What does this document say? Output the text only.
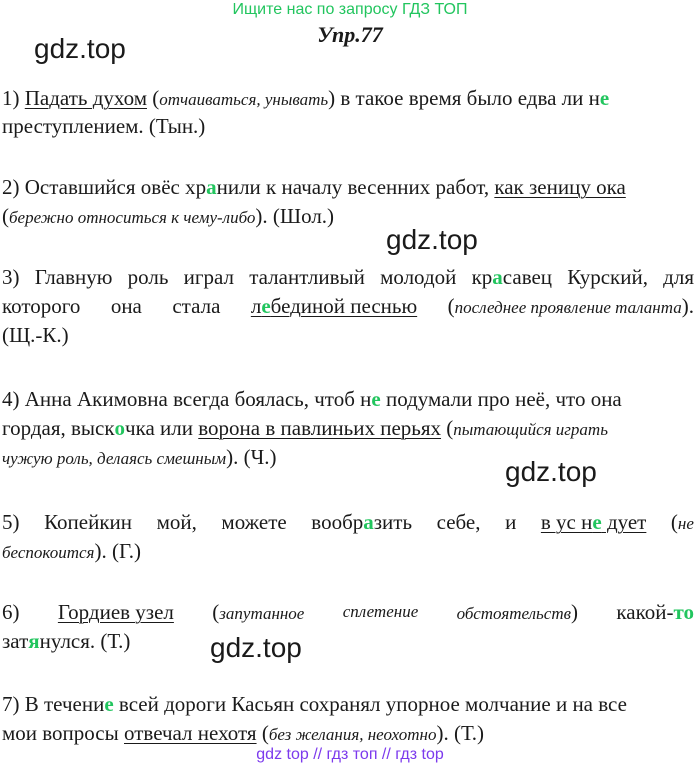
Ищите нас по запросу ГДЗ ТОП
Упр.77
gdz.top
gdz.top
gdz.top
gdz.top
1) Падать духом (отчаиваться, унывать) в такое время было едва ли не
преступлением. (Тын.)
2) Оставшийся овёс хранили к началу весенних работ, как зеницу ока
(бережно относиться к чему-либо). (Шол.)
3) Главную роль играл талантливый молодой красавец Курский, для
которого она стала лебединой песнью (последнее проявление таланта).
(Щ.-К.)
4) Анна Акимовна всегда боялась, чтоб не подумали про неё, что она
гордая, выскочка или ворона в павлиньих перьях (пытающийся играть
чужую роль, делаясь смешным). (Ч.)
5) Копейкин мой, можете вообразить себе, и в ус не дует (не
беспокоится). (Г.)
6) Гордиев узел (запутанное сплетение обстоятельств) какой-то
затянулся. (Т.)
7) В течение всей дороги Касьян сохранял упорное молчание и на все
мои вопросы отвечал нехотя (без желания, неохотно). (Т.)
gdz top // гдз топ // гдз top
